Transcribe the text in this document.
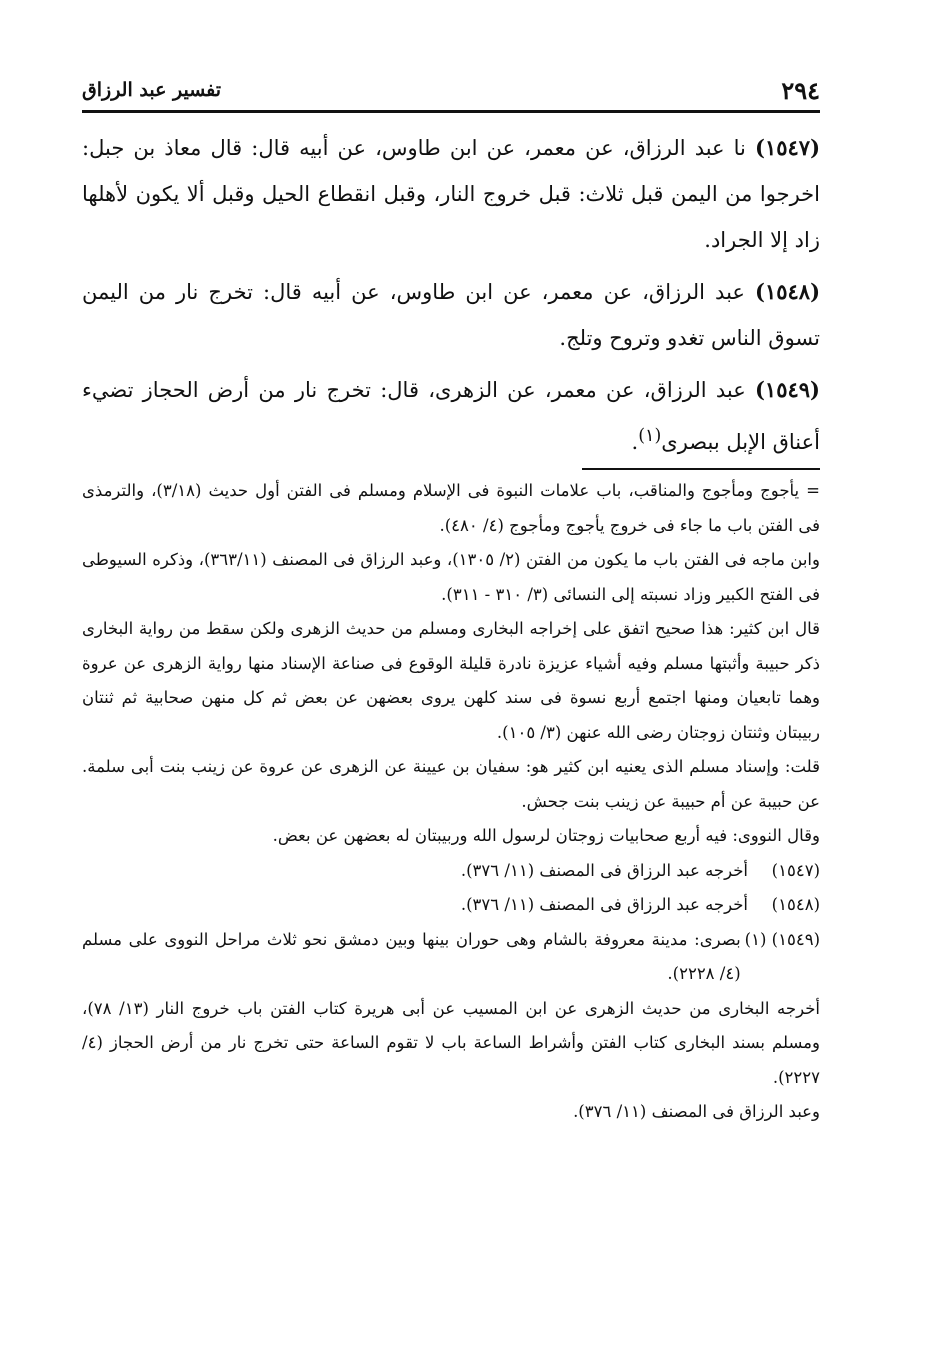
٢٩٤
تفسير عبد الرزاق

(١٥٤٧) نا عبد الرزاق، عن معمر، عن ابن طاوس، عن أبيه قال: قال معاذ بن جبل: اخرجوا من اليمن قبل ثلاث: قبل خروج النار، وقبل انقطاع الحيل وقبل ألا يكون لأهلها زاد إلا الجراد.

(١٥٤٨) عبد الرزاق، عن معمر، عن ابن طاوس، عن أبيه قال: تخرج نار من اليمن تسوق الناس تغدو وتروح وتلج.

(١٥٤٩) عبد الرزاق، عن معمر، عن الزهرى، قال: تخرج نار من أرض الحجاز تضيء أعناق الإبل ببصرى$^{(١)}$.

= يأجوج ومأجوج والمناقب، باب علامات النبوة فى الإسلام ومسلم فى الفتن أول حديث (٣/١٨)، والترمذى فى الفتن باب ما جاء فى خروج يأجوج ومأجوج (٤/ ٤٨٠).

وابن ماجه فى الفتن باب ما يكون من الفتن (٢/ ١٣٠٥)، وعبد الرزاق فى المصنف (٣٦٣/١١)، وذكره السيوطى فى الفتح الكبير وزاد نسبته إلى النسائى (٣/ ٣١٠ - ٣١١).

قال ابن كثير: هذا صحيح اتفق على إخراجه البخارى ومسلم من حديث الزهرى ولكن سقط من رواية البخارى ذكر حبيبة وأثبتها مسلم وفيه أشياء عزيزة نادرة قليلة الوقوع فى صناعة الإسناد منها رواية الزهرى عن عروة وهما تابعيان ومنها اجتمع أربع نسوة فى سند كلهن يروى بعضهن عن بعض ثم كل منهن صحابية ثم ثنتان ربيبتان وثنتان زوجتان رضى الله عنهن (٣/ ١٠٥).

قلت: وإسناد مسلم الذى يعنيه ابن كثير هو: سفيان بن عيينة عن الزهرى عن عروة عن زينب بنت أبى سلمة. عن حبيبة عن أم حبيبة عن زينب بنت جحش.

وقال النووى: فيه أربع صحابيات زوجتان لرسول الله وربيبتان له بعضهن عن بعض.

(١٥٤٧)
أخرجه عبد الرزاق فى المصنف (١١/ ٣٧٦).
(١٥٤٨)
أخرجه عبد الرزاق فى المصنف (١١/ ٣٧٦).
(١٥٤٩) (١)
بصرى: مدينة معروفة بالشام وهى حوران بينها وبين دمشق نحو ثلاث مراحل النووى على مسلم (٤/ ٢٢٢٨).

أخرجه البخارى من حديث الزهرى عن ابن المسيب عن أبى هريرة كتاب الفتن باب خروج النار (١٣/ ٧٨)، ومسلم بسند البخارى كتاب الفتن وأشراط الساعة باب لا تقوم الساعة حتى تخرج نار من أرض الحجاز (٤/ ٢٢٢٧).

وعبد الرزاق فى المصنف (١١/ ٣٧٦).
